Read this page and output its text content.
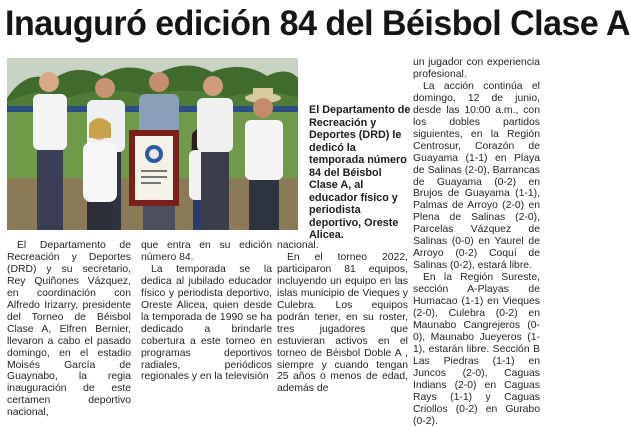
Inauguró edición 84 del Béisbol Clase A

El Departamento de Recreación y Deportes (DRD) le dedicó la temporada número 84 del Béisbol Clase A, al educador físico y periodista deportivo, Oreste Alicea.

El Departamento de Recreación y Deportes (DRD) y su secretario, Rey Quiñones Vázquez, en coordinación con Alfredo Irizarry, presidente del Torneo de Béisbol Clase A, Elfren Bernier, llevaron a cabo el pasado domingo, en el estadio Moisés García de Guaynabo, la regia inauguración de este certamen deportivo nacional,

que entra en su edición número 84.

La temporada se la dedica al jubilado educador físico y periodista deportivo, Oreste Alicea, quien desde la temporada de 1990 se ha dedicado a brindarle cobertura a este torneo en programas deportivos radiales, periódicos regionales y en la televisión

nacional.

En el torneo 2022, participaron 81 equipos, incluyendo un equipo en las islas municipio de Vieques y Culebra. Los equipos podrán tener, en su roster, tres jugadores que estuvieran activos en el torneo de Béisbol Doble A , siempre y cuando tengan 25 años o menos de edad, además de

un jugador con experiencia profesional.

La acción continúa el domingo, 12 de junio, desde las 10:00 a.m., con los dobles partidos siguientes, en la Región Centrosur, Corazón de Guayama (1-1) en Playa de Salinas (2-0), Barrancas de Guayama (0-2) en Brujos de Guayama (1-1), Palmas de Arroyo (2-0) en Plena de Salinas (2-0), Parcelas Vázquez de Salinas (0-0) en Yaurel de Arroyo (0-2) Coquí de Salinas (0-2), estará libre.

En la Región Sureste, sección A-Playas de Humacao (1-1) en Vieques (2-0), Culebra (0-2) en Maunabo Cangrejeros (0-0), Maunabo Jueyeros (1-1), estarán libre. Sección B Las Piedras (1-1) en Juncos (2-0), Caguas Indians (2-0) en Caguas Rays (1-1) y Caguas Criollos (0-2) en Gurabo (0-2).
